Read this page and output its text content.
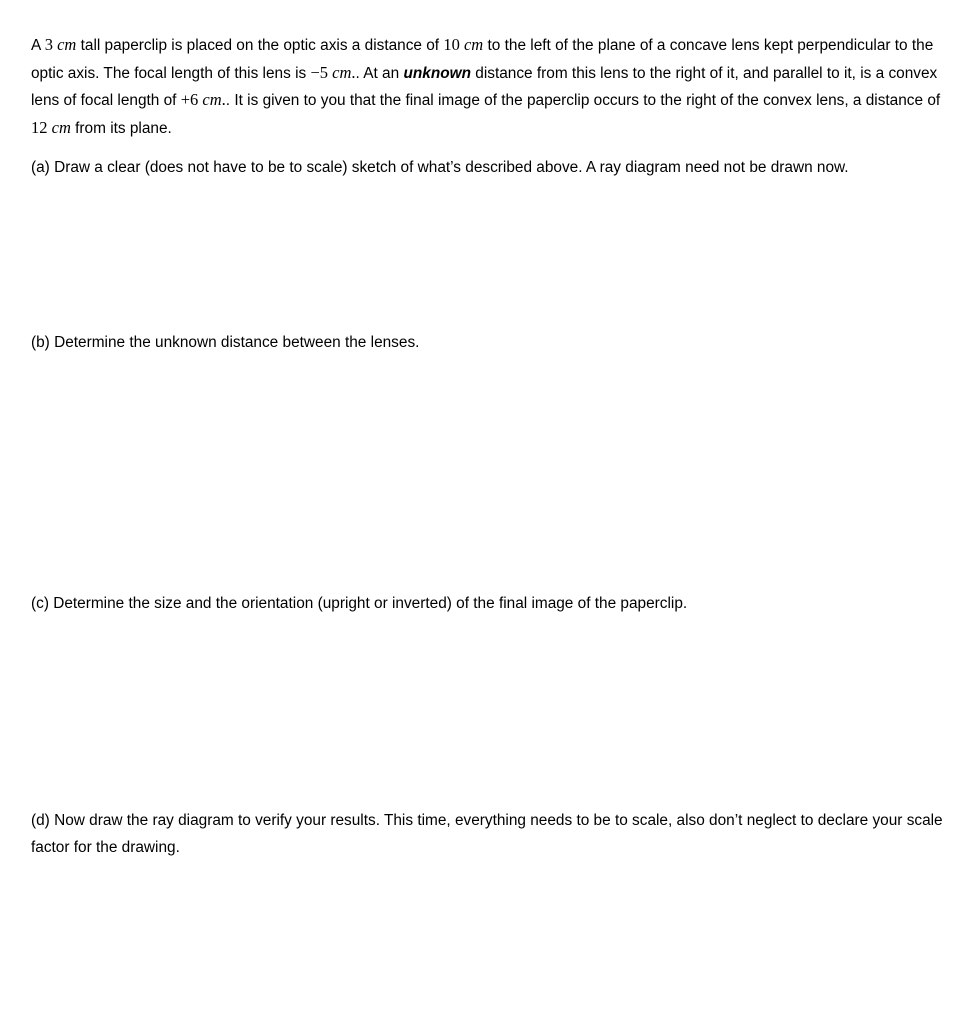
A 3 cm tall paperclip is placed on the optic axis a distance of 10 cm to the left of the plane of a concave lens kept perpendicular to the optic axis. The focal length of this lens is −5 cm.. At an unknown distance from this lens to the right of it, and parallel to it, is a convex lens of focal length of +6 cm.. It is given to you that the final image of the paperclip occurs to the right of the convex lens, a distance of 12 cm from its plane.

(a) Draw a clear (does not have to be to scale) sketch of what’s described above. A ray diagram need not be drawn now.

(b) Determine the unknown distance between the lenses.

(c) Determine the size and the orientation (upright or inverted) of the final image of the paperclip.

(d) Now draw the ray diagram to verify your results. This time, everything needs to be to scale, also don’t neglect to declare your scale factor for the drawing.
